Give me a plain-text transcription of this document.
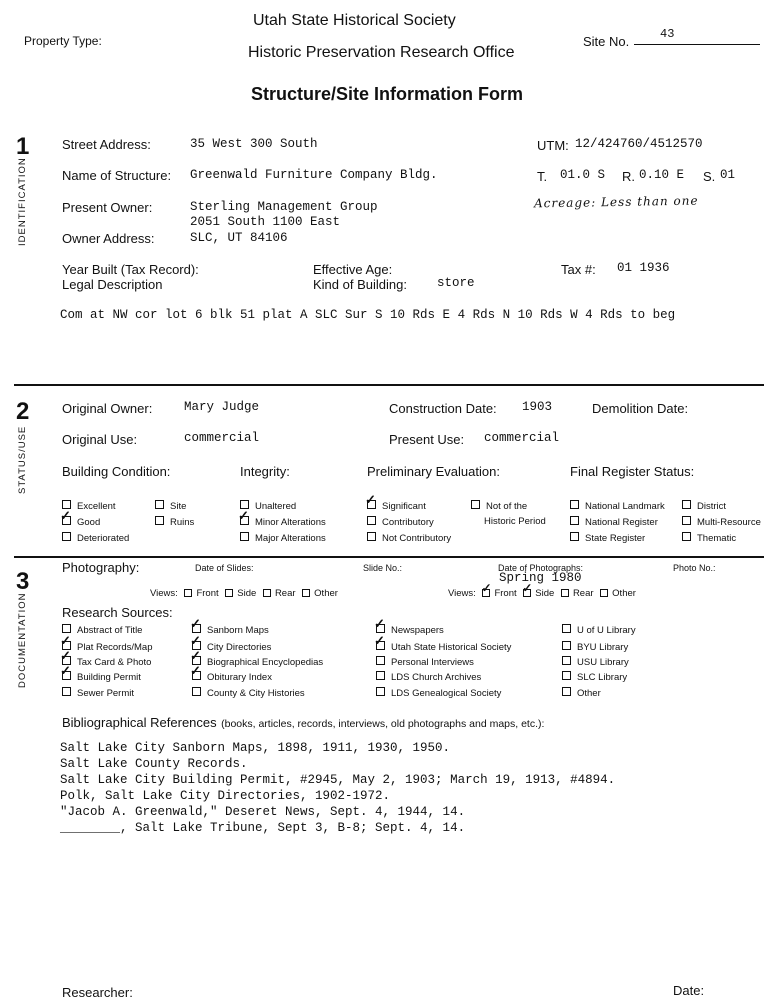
Utah State Historical Society
Historic Preservation Research Office
Property Type:	Site No.	43
Structure/Site Information Form
1
IDENTIFICATION
Street Address:	35 West 300 South	UTM: 12/424760/4512570
Name of Structure: Greenwald Furniture Company Bldg.	T. 01.0 S R. 0.10 E S. 01
Present Owner:	Sterling Management Group
2051 South 1100 East
Acreage: Less than one
Owner Address:	SLC, UT 84106
Year Built (Tax Record):	Effective Age:	Tax #: 01 1936
Legal Description	Kind of Building: store
Com at NW cor lot 6 blk 51 plat A SLC Sur S 10 Rds E 4 Rds N 10 Rds W 4 Rds to beg
2
STATUS/USE
Original Owner:	Mary Judge	Construction Date: 1903	Demolition Date:
Original Use:	commercial	Present Use: commercial
Building Condition:	Integrity:	Preliminary Evaluation:	Final Register Status:
Excellent
✓ Good
Deteriorated
Site
Ruins
Unaltered
✓ Minor Alterations
Major Alterations
✓ Significant
Contributory
Not Contributory
Not of the
Historic Period
National Landmark
National Register
State Register
District
Multi-Resource
Thematic
3
DOCUMENTATION
Photography:	Date of Slides:	Slide No.:	Date of Photographs:	Photo No.:
Spring 1980
Views: Front Side Rear Other	Views: ✓ Front ✓ Side Rear Other
Research Sources:
Abstract of Title
✓ Plat Records/Map
✓ Tax Card & Photo
✓ Building Permit
Sewer Permit
✓ Sanborn Maps
✓ City Directories
✓ Biographical Encyclopedias
✓ Obiturary Index
County & City Histories
✓ Newspapers
✓ Utah State Historical Society
Personal Interviews
LDS Church Archives
LDS Genealogical Society
U of U Library
BYU Library
USU Library
SLC Library
Other
Bibliographical References (books, articles, records, interviews, old photographs and maps, etc.):
Salt Lake City Sanborn Maps, 1898, 1911, 1930, 1950.
Salt Lake County Records.
Salt Lake City Building Permit, #2945, May 2, 1903; March 19, 1913, #4894.
Polk, Salt Lake City Directories, 1902-1972.
"Jacob A. Greenwald," Deseret News, Sept. 4, 1944, 14.
________, Salt Lake Tribune, Sept 3, B-8; Sept. 4, 14.
Researcher:	Date:
